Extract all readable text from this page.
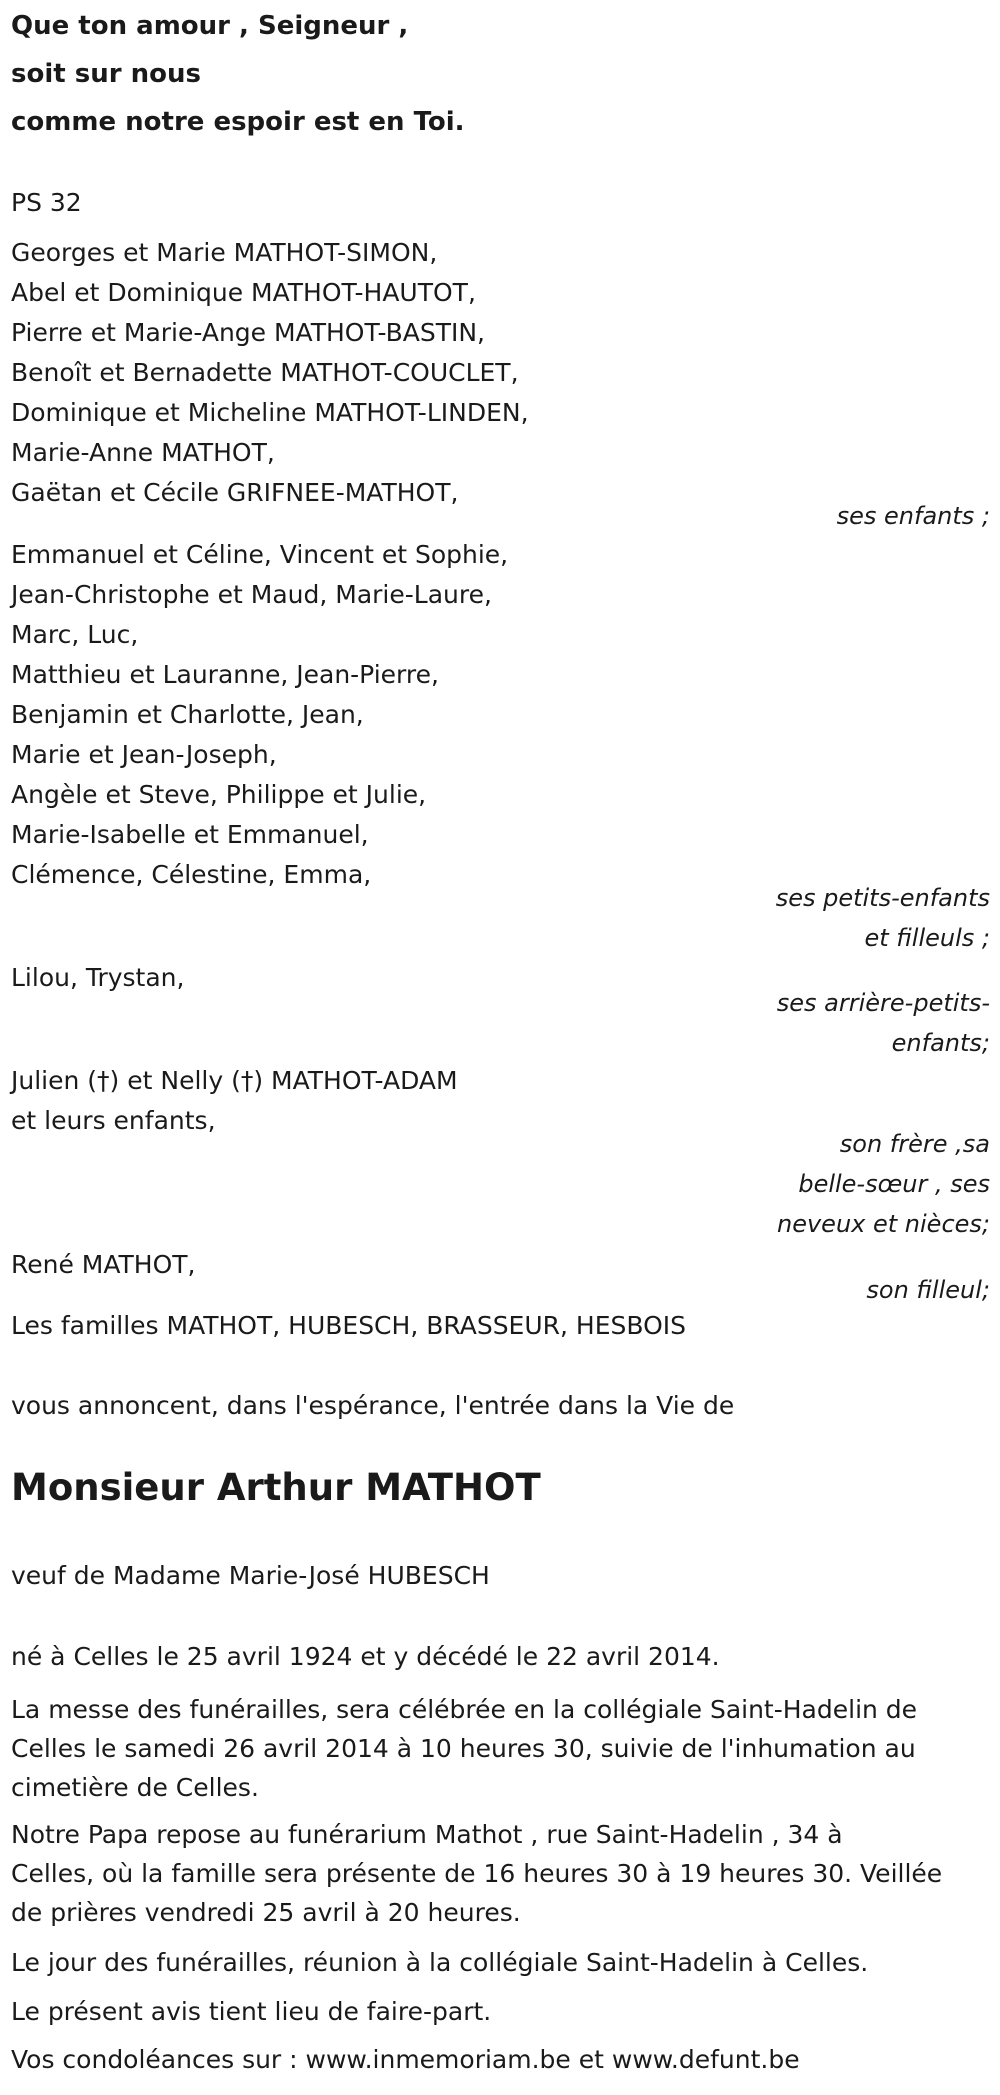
Que ton amour , Seigneur ,
soit sur nous
comme notre espoir est en Toi.
PS 32

Georges et Marie MATHOT-SIMON,

Abel et Dominique MATHOT-HAUTOT,

Pierre et Marie-Ange MATHOT-BASTIN,

Benoît et Bernadette MATHOT-COUCLET,

Dominique et Micheline MATHOT-LINDEN,

Marie-Anne MATHOT,

Gaëtan et Cécile GRIFNEE-MATHOT,

ses enfants ;

Emmanuel et Céline, Vincent et Sophie,

Jean-Christophe et Maud, Marie-Laure,

Marc, Luc,

Matthieu et Lauranne, Jean-Pierre,

Benjamin et Charlotte, Jean,

Marie et Jean-Joseph,

Angèle et Steve, Philippe et Julie,

Marie-Isabelle et Emmanuel,

Clémence, Célestine, Emma,

ses petits-enfants
et filleuls ;

Lilou, Trystan,

ses arrière-petits-
enfants;

Julien (†) et Nelly (†) MATHOT-ADAM

et leurs enfants,

son frère ,sa
belle-sœur , ses
neveux et nièces;

René MATHOT,

son filleul;
Les familles MATHOT, HUBESCH, BRASSEUR, HESBOIS
vous annoncent, dans l'espérance, l'entrée dans la Vie de
Monsieur Arthur MATHOT
veuf de Madame Marie-José HUBESCH
né à Celles le 25 avril 1924 et y décédé le 22 avril 2014.
La messe des funérailles, sera célébrée en la collégiale Saint-Hadelin de
Celles le samedi 26 avril 2014 à 10 heures 30, suivie de l'inhumation au
cimetière de Celles.
Notre Papa repose au funérarium Mathot , rue Saint-Hadelin , 34 à
Celles, où la famille sera présente de 16 heures 30 à 19 heures 30. Veillée
de prières vendredi 25 avril à 20 heures.
Le jour des funérailles, réunion à la collégiale Saint-Hadelin à Celles.
Le présent avis tient lieu de faire-part.
Vos condoléances sur : www.inmemoriam.be et www.defunt.be
